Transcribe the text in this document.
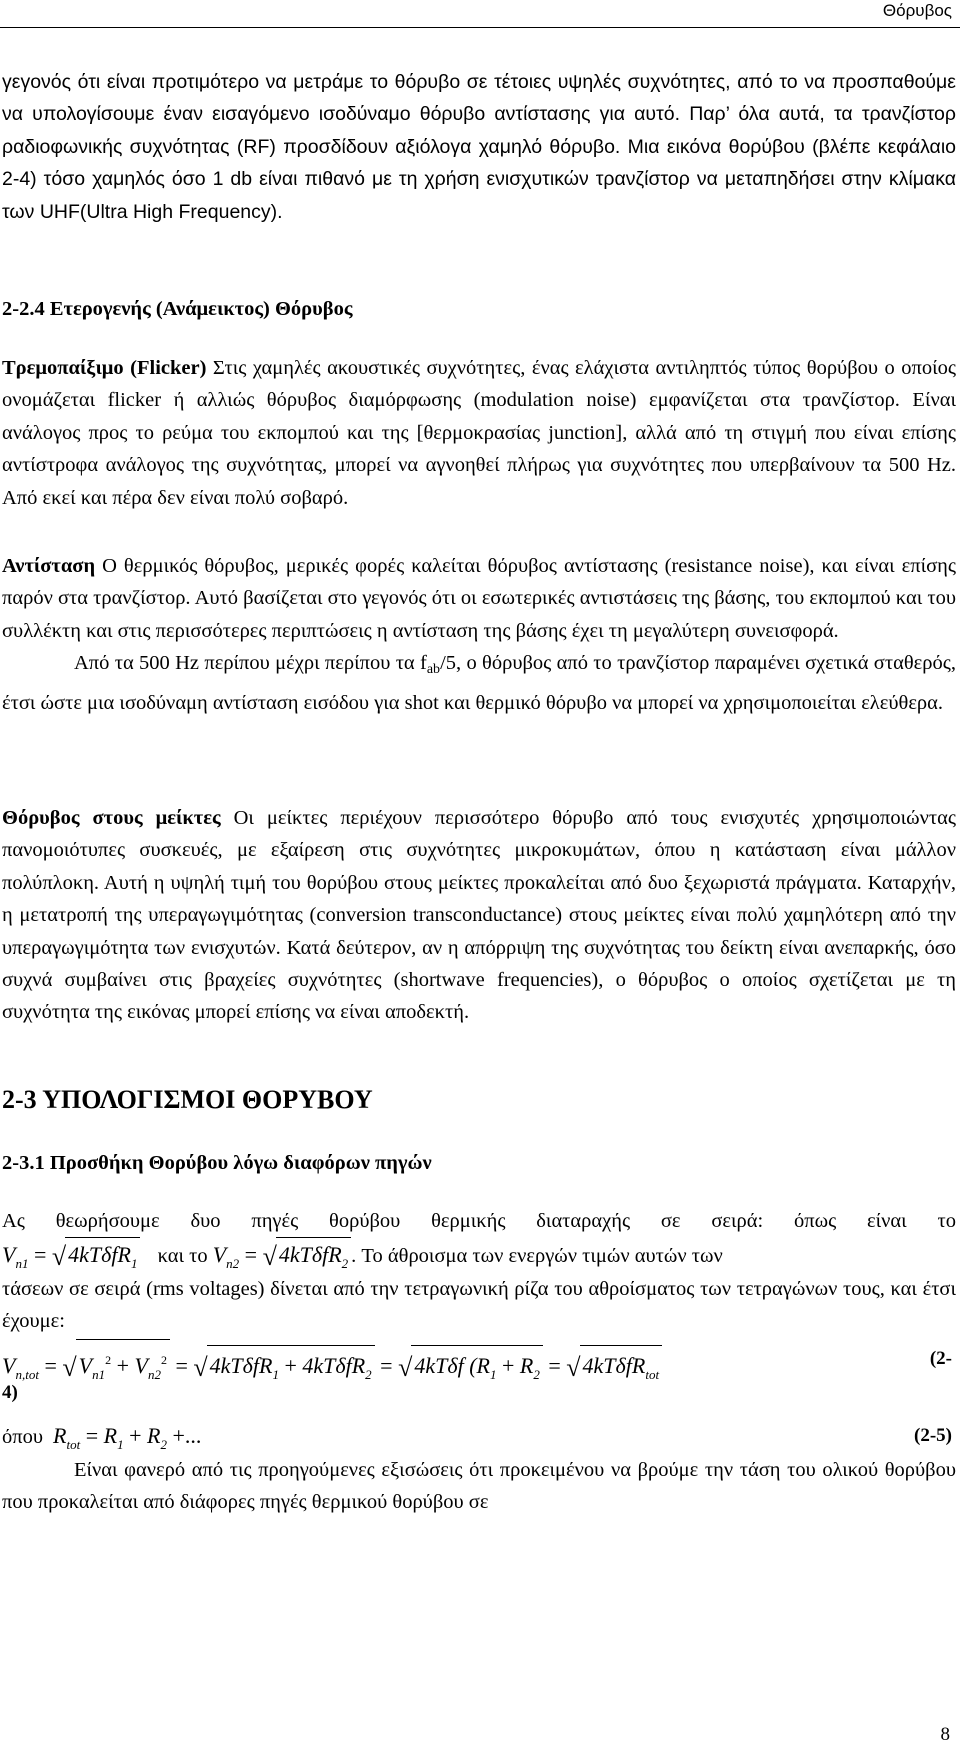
Θόρυβος

γεγονός ότι είναι προτιμότερο να μετράμε το θόρυβο σε τέτοιες υψηλές συχνότητες, από το να προσπαθούμε να υπολογίσουμε έναν εισαγόμενο ισοδύναμο θόρυβο αντίστασης για αυτό. Παρ’ όλα αυτά, τα τρανζίστορ ραδιοφωνικής συχνότητας (RF) προσδίδουν αξιόλογα χαμηλό θόρυβο. Μια εικόνα θορύβου (βλέπε κεφάλαιο 2-4) τόσο χαμηλός όσο 1 db είναι πιθανό με τη χρήση ενισχυτικών τρανζίστορ να μεταπηδήσει στην κλίμακα των UHF(Ultra High Frequency).

2-2.4 Ετερογενής (Ανάμεικτος) Θόρυβος

Τρεμοπαίξιμο (Flicker) Στις χαμηλές ακουστικές συχνότητες, ένας ελάχιστα αντιληπτός τύπος θορύβου ο οποίος ονομάζεται flicker ή αλλιώς θόρυβος διαμόρφωσης (modulation noise) εμφανίζεται στα τρανζίστορ. Είναι ανάλογος προς το ρεύμα του εκπομπού και της [θερμοκρασίας junction], αλλά από τη στιγμή που είναι επίσης αντίστροφα ανάλογος της συχνότητας, μπορεί να αγνοηθεί πλήρως για συχνότητες που υπερβαίνουν τα 500 Hz. Από εκεί και πέρα δεν είναι πολύ σοβαρό.

Αντίσταση Ο θερμικός θόρυβος, μερικές φορές καλείται θόρυβος αντίστασης (resistance noise), και είναι επίσης παρόν στα τρανζίστορ. Αυτό βασίζεται στο γεγονός ότι οι εσωτερικές αντιστάσεις της βάσης, του εκπομπού και του συλλέκτη και στις περισσότερες περιπτώσεις η αντίσταση της βάσης έχει τη μεγαλύτερη συνεισφορά.

Από τα 500 Hz περίπου μέχρι περίπου τα $f_{ab}/5$, ο θόρυβος από το τρανζίστορ παραμένει σχετικά σταθερός, έτσι ώστε μια ισοδύναμη αντίσταση εισόδου για shot και θερμικό θόρυβο να μπορεί να χρησιμοποιείται ελεύθερα.

Θόρυβος στους μείκτες Οι μείκτες περιέχουν περισσότερο θόρυβο από τους ενισχυτές χρησιμοποιώντας πανομοιότυπες συσκευές, με εξαίρεση στις συχνότητες μικροκυμάτων, όπου η κατάσταση είναι μάλλον πολύπλοκη. Αυτή η υψηλή τιμή του θορύβου στους μείκτες προκαλείται από δυο ξεχωριστά πράγματα. Καταρχήν, η μετατροπή της υπεραγωγιμότητας (conversion transconductance) στους μείκτες είναι πολύ χαμηλότερη από την υπεραγωγιμότητα των ενισχυτών. Κατά δεύτερον, αν η απόρριψη της συχνότητας του δείκτη είναι ανεπαρκής, όσο συχνά συμβαίνει στις βραχείες συχνότητες (shortwave frequencies), ο θόρυβος ο οποίος σχετίζεται με τη συχνότητα της εικόνας μπορεί επίσης να είναι αποδεκτή.

2-3 ΥΠΟΛΟΓΙΣΜΟΙ ΘΟΡΥΒΟΥ
2-3.1 Προσθήκη Θορύβου λόγω διαφόρων πηγών

Ας θεωρήσουμε δυο πηγές θορύβου θερμικής διαταραχής σε σειρά: όπως είναι το

$V_{n1} = √4kT\delta fR_1$ και το $V_{n2} = √4kT\delta fR_2$ . Το άθροισμα των ενεργών τιμών αυτών των

τάσεων σε σειρά (rms voltages) δίνεται από την τετραγωνική ρίζα του αθροίσματος των τετραγώνων τους, και έτσι έχουμε:

$V_{n,tot} = √V_{n1}^2 + V_{n2}^2 = √4kT\delta fR_1 + 4kT\delta fR_2 = √4kT\delta f$ ($R_1 + R_2 = √4kT\delta fR_{tot}$
(2-
4)
όπου $R_{tot} = R_1 + R_2$ +...	(2-5)

Είναι φανερό από τις προηγούμενες εξισώσεις ότι προκειμένου να βρούμε την τάση του ολικού θορύβου που προκαλείται από διάφορες πηγές θερμικού θορύβου σε

8
